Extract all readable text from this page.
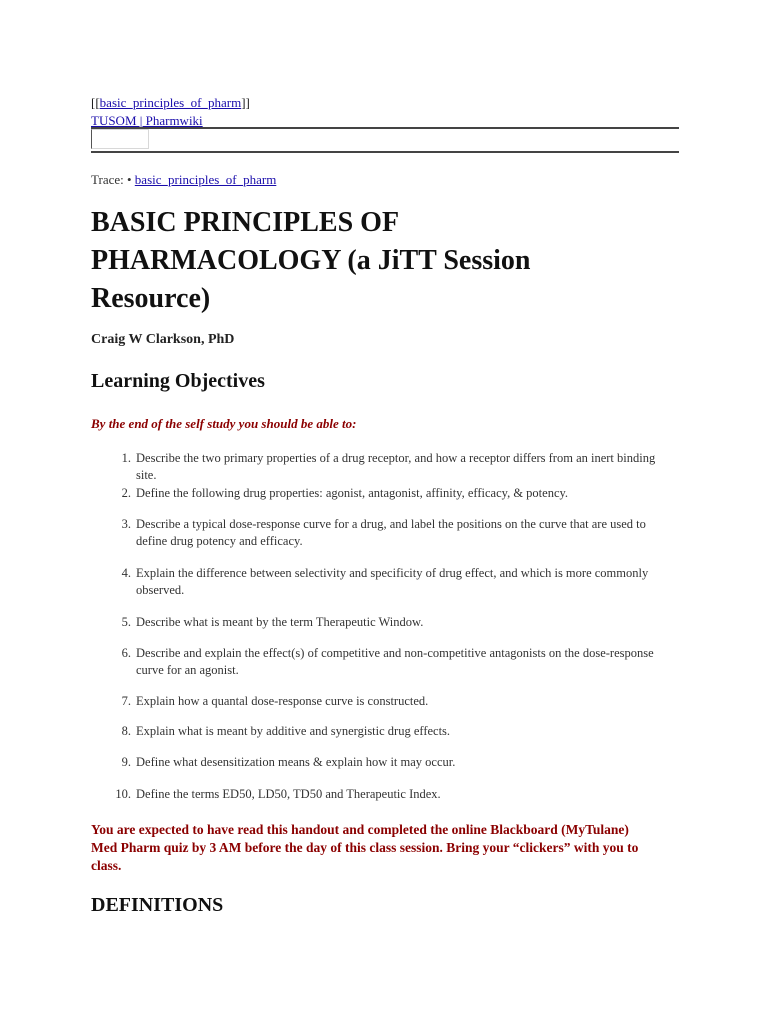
[[basic_principles_of_pharm]]
TUSOM | Pharmwiki
Trace: • basic_principles_of_pharm
BASIC PRINCIPLES OF PHARMACOLOGY (a JiTT Session Resource)
Craig W Clarkson, PhD
Learning Objectives
By the end of the self study you should be able to:
1. Describe the two primary properties of a drug receptor, and how a receptor differs from an inert binding site.
2. Define the following drug properties: agonist, antagonist, affinity, efficacy, & potency.
3. Describe a typical dose-response curve for a drug, and label the positions on the curve that are used to define drug potency and efficacy.
4. Explain the difference between selectivity and specificity of drug effect, and which is more commonly observed.
5. Describe what is meant by the term Therapeutic Window.
6. Describe and explain the effect(s) of competitive and non-competitive antagonists on the dose-response curve for an agonist.
7. Explain how a quantal dose-response curve is constructed.
8. Explain what is meant by additive and synergistic drug effects.
9. Define what desensitization means & explain how it may occur.
10. Define the terms ED50, LD50, TD50 and Therapeutic Index.
You are expected to have read this handout and completed the online Blackboard (MyTulane) Med Pharm quiz by 3 AM before the day of this class session. Bring your “clickers” with you to class.
DEFINITIONS
